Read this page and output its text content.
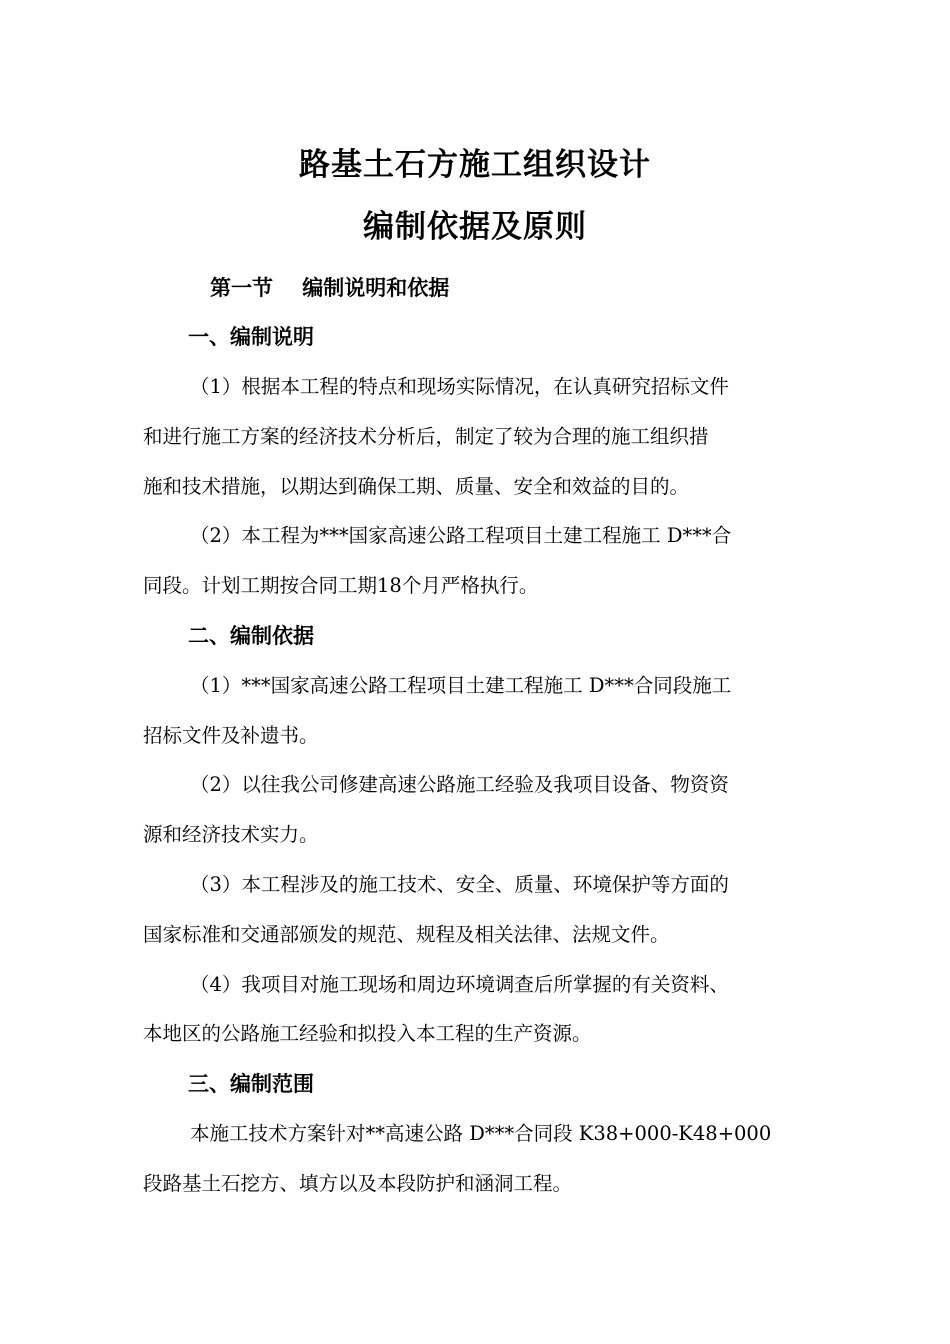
路基土石方施工组织设计
编制依据及原则
第一节    编制说明和依据
一、编制说明
（1）根据本工程的特点和现场实际情况，在认真研究招标文件
和进行施工方案的经济技术分析后，制定了较为合理的施工组织措
施和技术措施，以期达到确保工期、质量、安全和效益的目的。
（2）本工程为***国家高速公路工程项目土建工程施工 D***合
同段。计划工期按合同工期18个月严格执行。
二、编制依据
（1）***国家高速公路工程项目土建工程施工 D***合同段施工
招标文件及补遗书。
（2）以往我公司修建高速公路施工经验及我项目设备、物资资
源和经济技术实力。
（3）本工程涉及的施工技术、安全、质量、环境保护等方面的
国家标准和交通部颁发的规范、规程及相关法律、法规文件。
（4）我项目对施工现场和周边环境调查后所掌握的有关资料、
本地区的公路施工经验和拟投入本工程的生产资源。
三、编制范围
本施工技术方案针对**高速公路 D***合同段 K38+000-K48+000
段路基土石挖方、填方以及本段防护和涵洞工程。
